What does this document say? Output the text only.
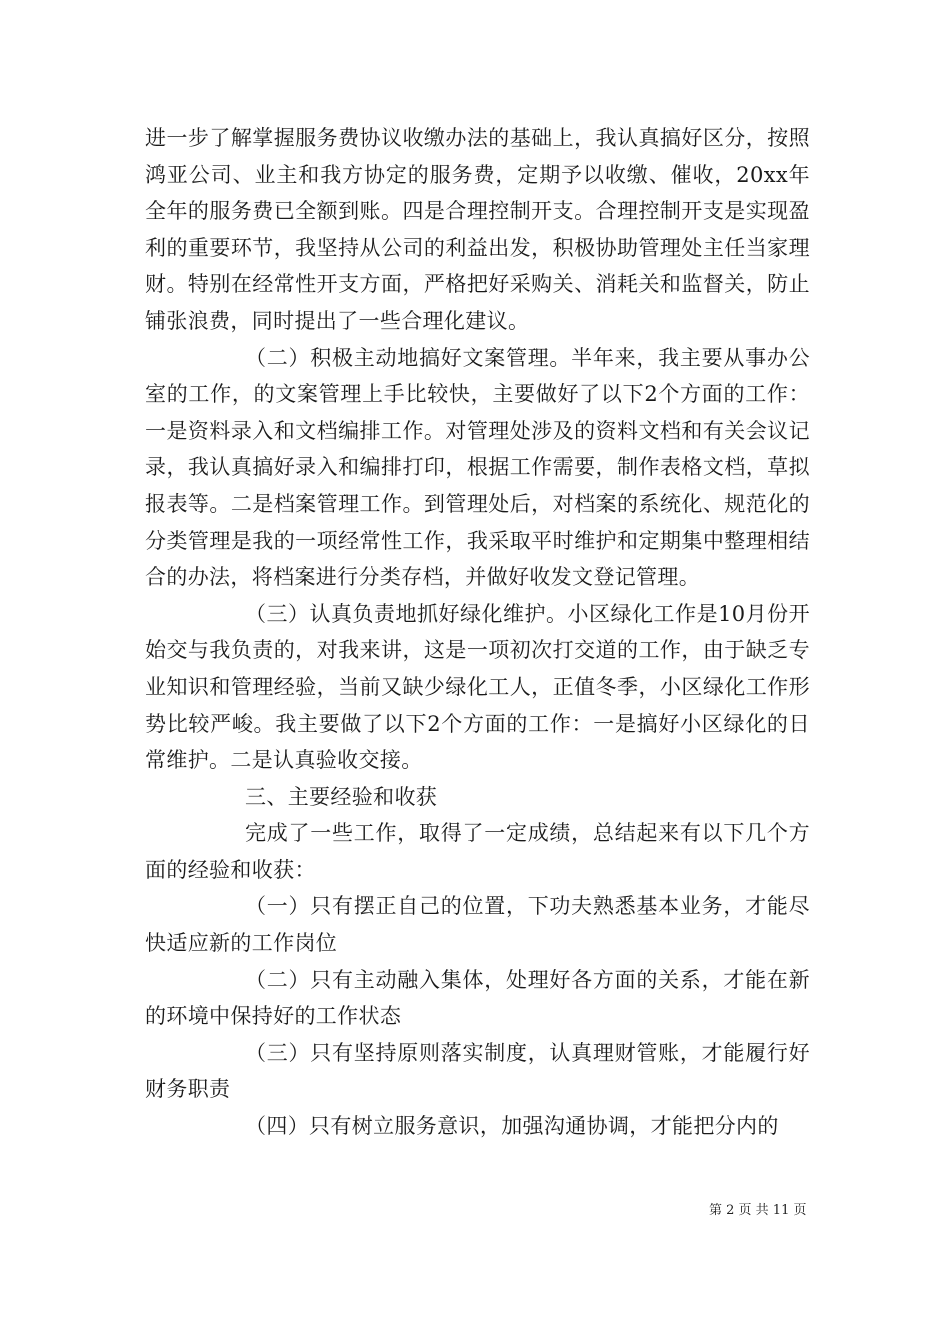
进一步了解掌握服务费协议收缴办法的基础上，我认真搞好区分，按照鸿亚公司、业主和我方协定的服务费，定期予以收缴、催收，20xx年全年的服务费已全额到账。四是合理控制开支。合理控制开支是实现盈利的重要环节，我坚持从公司的利益出发，积极协助管理处主任当家理财。特别在经常性开支方面，严格把好采购关、消耗关和监督关，防止铺张浪费，同时提出了一些合理化建议。

（二）积极主动地搞好文案管理。半年来，我主要从事办公室的工作，的文案管理上手比较快，主要做好了以下2个方面的工作：一是资料录入和文档编排工作。对管理处涉及的资料文档和有关会议记录，我认真搞好录入和编排打印，根据工作需要，制作表格文档，草拟报表等。二是档案管理工作。到管理处后，对档案的系统化、规范化的分类管理是我的一项经常性工作，我采取平时维护和定期集中整理相结合的办法，将档案进行分类存档，并做好收发文登记管理。

（三）认真负责地抓好绿化维护。小区绿化工作是10月份开始交与我负责的，对我来讲，这是一项初次打交道的工作，由于缺乏专业知识和管理经验，当前又缺少绿化工人，正值冬季，小区绿化工作形势比较严峻。我主要做了以下2个方面的工作：一是搞好小区绿化的日常维护。二是认真验收交接。

三、主要经验和收获

完成了一些工作，取得了一定成绩，总结起来有以下几个方面的经验和收获：

（一）只有摆正自己的位置，下功夫熟悉基本业务，才能尽快适应新的工作岗位

（二）只有主动融入集体，处理好各方面的关系，才能在新的环境中保持好的工作状态

（三）只有坚持原则落实制度，认真理财管账，才能履行好财务职责

（四）只有树立服务意识，加强沟通协调，才能把分内的

第 2 页 共 11 页
